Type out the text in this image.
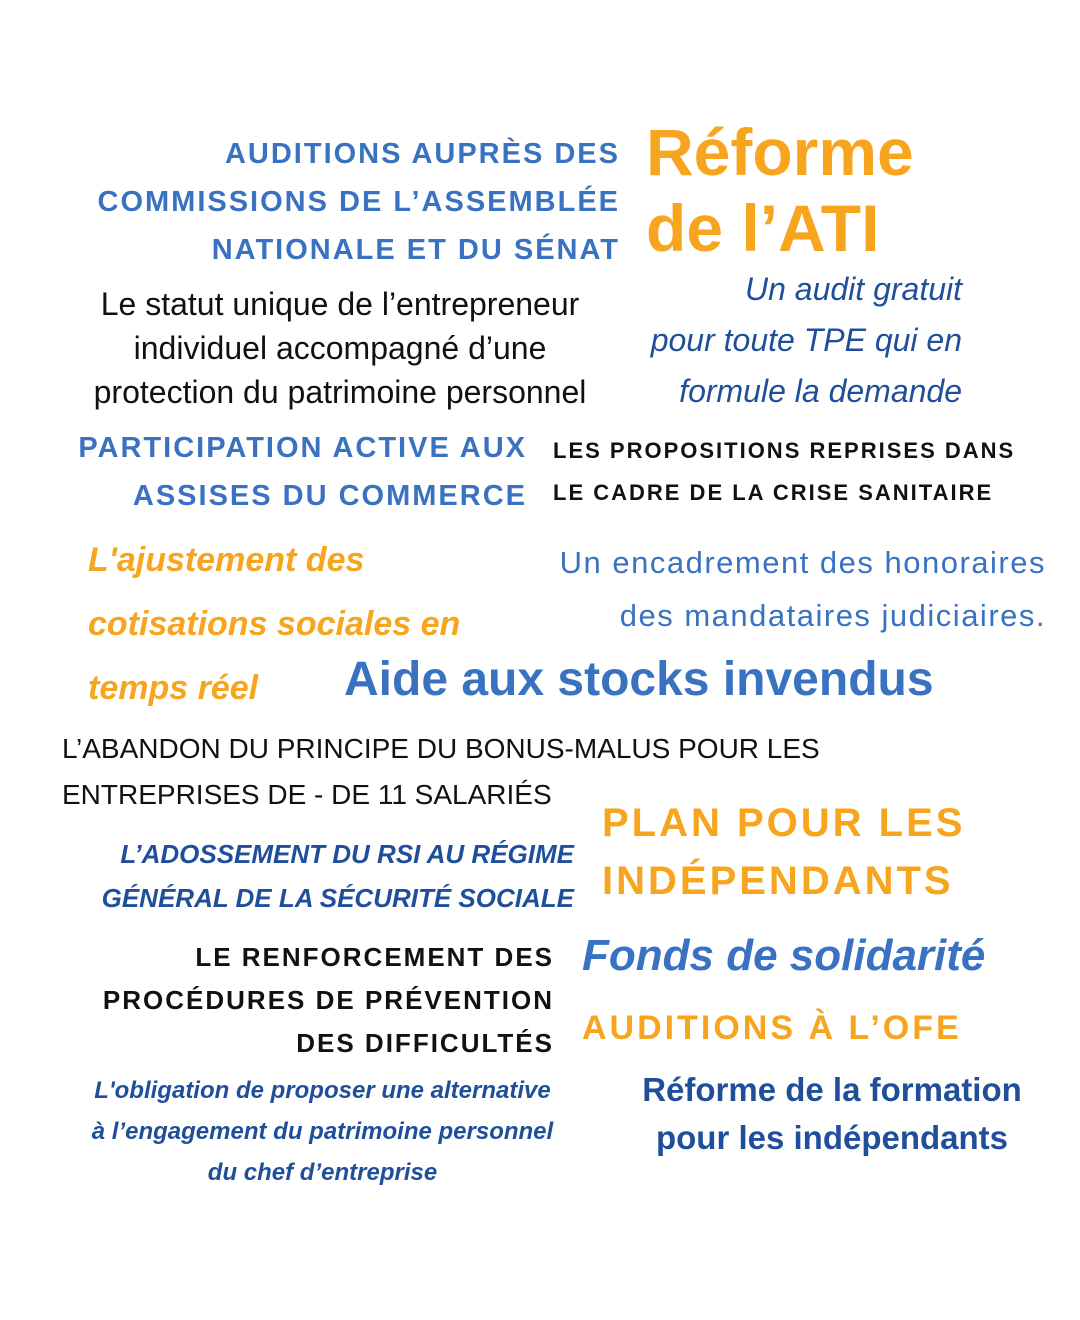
AUDITIONS AUPRÈS DES
COMMISSIONS DE L’ASSEMBLÉE
NATIONALE ET DU SÉNAT
Réforme
de l’ATI
Le statut unique de l’entrepreneur
individuel accompagné d’une
protection du patrimoine personnel
Un audit gratuit
pour toute TPE qui en
formule la demande
PARTICIPATION ACTIVE AUX
ASSISES DU COMMERCE
LES PROPOSITIONS REPRISES DANS
LE CADRE DE LA CRISE SANITAIRE
L'ajustement des
cotisations sociales en
temps réel
Un encadrement des honoraires
des mandataires judiciaires.
Aide aux stocks invendus
L’ABANDON DU PRINCIPE DU BONUS-MALUS POUR LES
ENTREPRISES DE - DE 11 SALARIÉS
PLAN POUR LES
INDÉPENDANTS
L’ADOSSEMENT DU RSI AU RÉGIME
GÉNÉRAL DE LA SÉCURITÉ SOCIALE
LE RENFORCEMENT DES
PROCÉDURES DE PRÉVENTION
DES DIFFICULTÉS
Fonds de solidarité
AUDITIONS À L’OFE
L'obligation de proposer une alternative
à l’engagement du patrimoine personnel
du chef d’entreprise
Réforme de la formation
pour les indépendants
